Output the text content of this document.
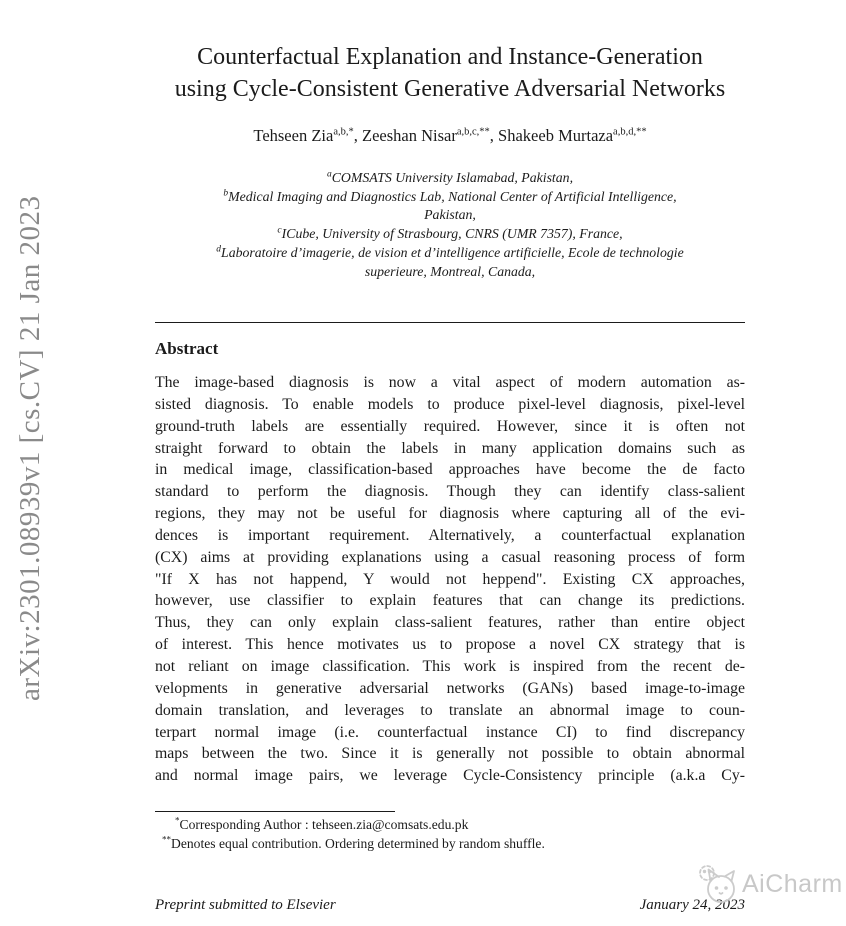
arXiv:2301.08939v1 [cs.CV] 21 Jan 2023
Counterfactual Explanation and Instance-Generation
using Cycle-Consistent Generative Adversarial Networks
Tehseen Zia$^{a,b,*}$, Zeeshan Nisar$^{a,b,c,**}$, Shakeeb Murtaza$^{a,b,d,**}$
$^a$COMSATS University Islamabad, Pakistan,
$^b$Medical Imaging and Diagnostics Lab, National Center of Artificial Intelligence,
Pakistan,
$^c$ICube, University of Strasbourg, CNRS (UMR 7357), France,
$^d$Laboratoire d’imagerie, de vision et d’intelligence artificielle, Ecole de technologie
superieure, Montreal, Canada,
Abstract
The image-based diagnosis is now a vital aspect of modern automation as-
sisted diagnosis. To enable models to produce pixel-level diagnosis, pixel-level
ground-truth labels are essentially required. However, since it is often not
straight forward to obtain the labels in many application domains such as
in medical image, classification-based approaches have become the de facto
standard to perform the diagnosis. Though they can identify class-salient
regions, they may not be useful for diagnosis where capturing all of the evi-
dences is important requirement. Alternatively, a counterfactual explanation
(CX) aims at providing explanations using a casual reasoning process of form
"If X has not happend, Y would not heppend". Existing CX approaches,
however, use classifier to explain features that can change its predictions.
Thus, they can only explain class-salient features, rather than entire object
of interest. This hence motivates us to propose a novel CX strategy that is
not reliant on image classification. This work is inspired from the recent de-
velopments in generative adversarial networks (GANs) based image-to-image
domain translation, and leverages to translate an abnormal image to coun-
terpart normal image (i.e. counterfactual instance CI) to find discrepancy
maps between the two. Since it is generally not possible to obtain abnormal
and normal image pairs, we leverage Cycle-Consistency principle (a.k.a Cy-
*Corresponding Author : tehseen.zia@comsats.edu.pk
**Denotes equal contribution. Ordering determined by random shuffle.
Preprint submitted to Elsevier	January 24, 2023
AiCharm
